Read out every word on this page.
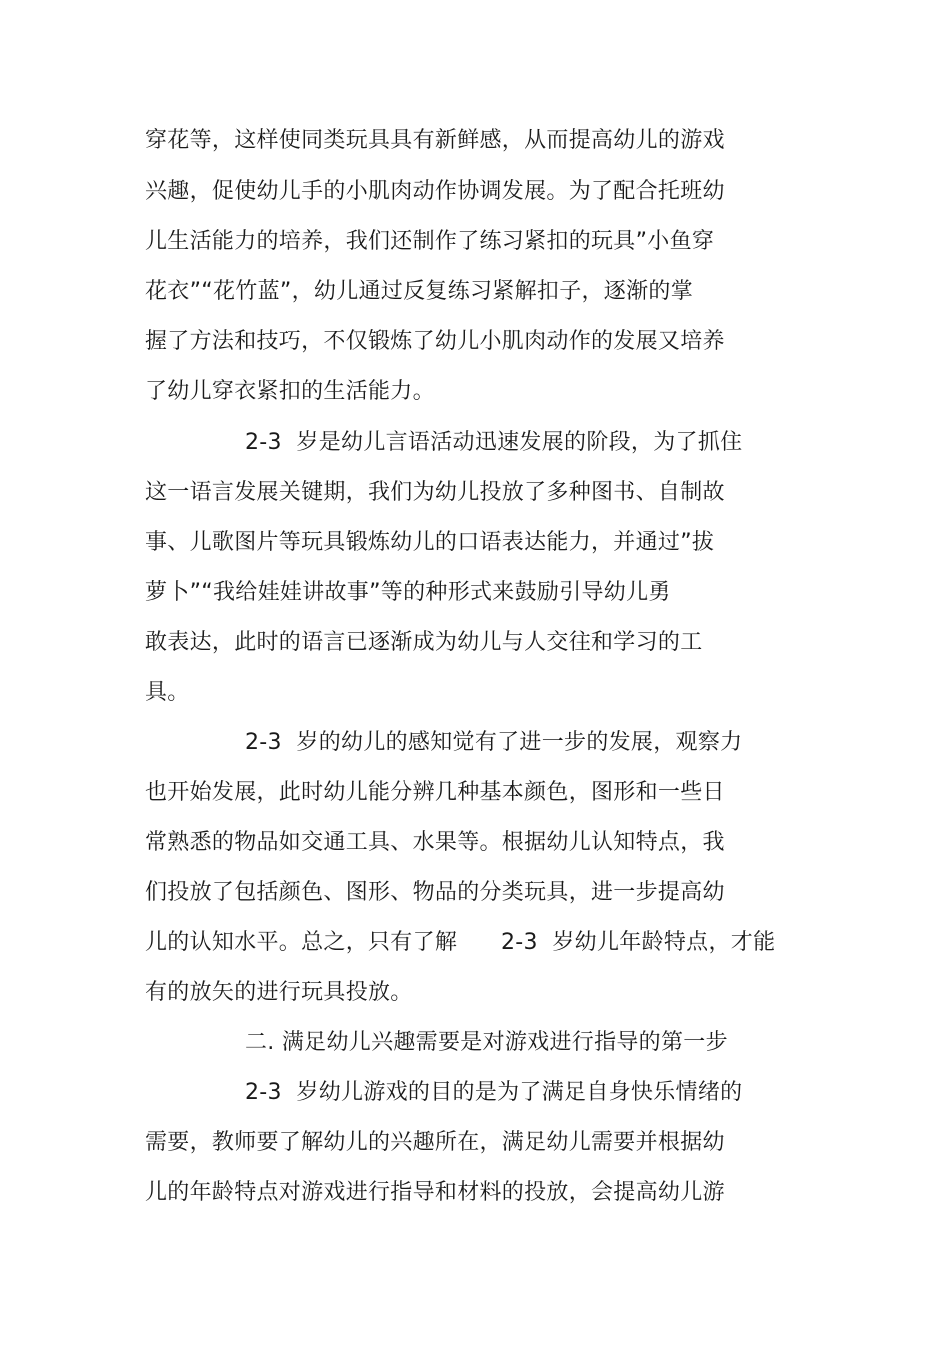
穿花等，这样使同类玩具具有新鲜感，从而提高幼儿的游戏
兴趣，促使幼儿手的小肌肉动作协调发展。为了配合托班幼
儿生活能力的培养，我们还制作了练习紧扣的玩具”小鱼穿
花衣”“花竹蓝”，幼儿通过反复练习紧解扣子，逐渐的掌
握了方法和技巧，不仅锻炼了幼儿小肌肉动作的发展又培养
了幼儿穿衣紧扣的生活能力。
2-3  岁是幼儿言语活动迅速发展的阶段，为了抓住
这一语言发展关键期，我们为幼儿投放了多种图书、自制故
事、儿歌图片等玩具锻炼幼儿的口语表达能力，并通过”拔
萝卜”“我给娃娃讲故事”等的种形式来鼓励引导幼儿勇
敢表达，此时的语言已逐渐成为幼儿与人交往和学习的工
具。
2-3  岁的幼儿的感知觉有了进一步的发展，观察力
也开始发展，此时幼儿能分辨几种基本颜色，图形和一些日
常熟悉的物品如交通工具、水果等。根据幼儿认知特点，我
们投放了包括颜色、图形、物品的分类玩具，进一步提高幼
儿的认知水平。总之，只有了解      2-3  岁幼儿年龄特点，才能
有的放矢的进行玩具投放。
二. 满足幼儿兴趣需要是对游戏进行指导的第一步
2-3  岁幼儿游戏的目的是为了满足自身快乐情绪的
需要，教师要了解幼儿的兴趣所在，满足幼儿需要并根据幼
儿的年龄特点对游戏进行指导和材料的投放，会提高幼儿游
